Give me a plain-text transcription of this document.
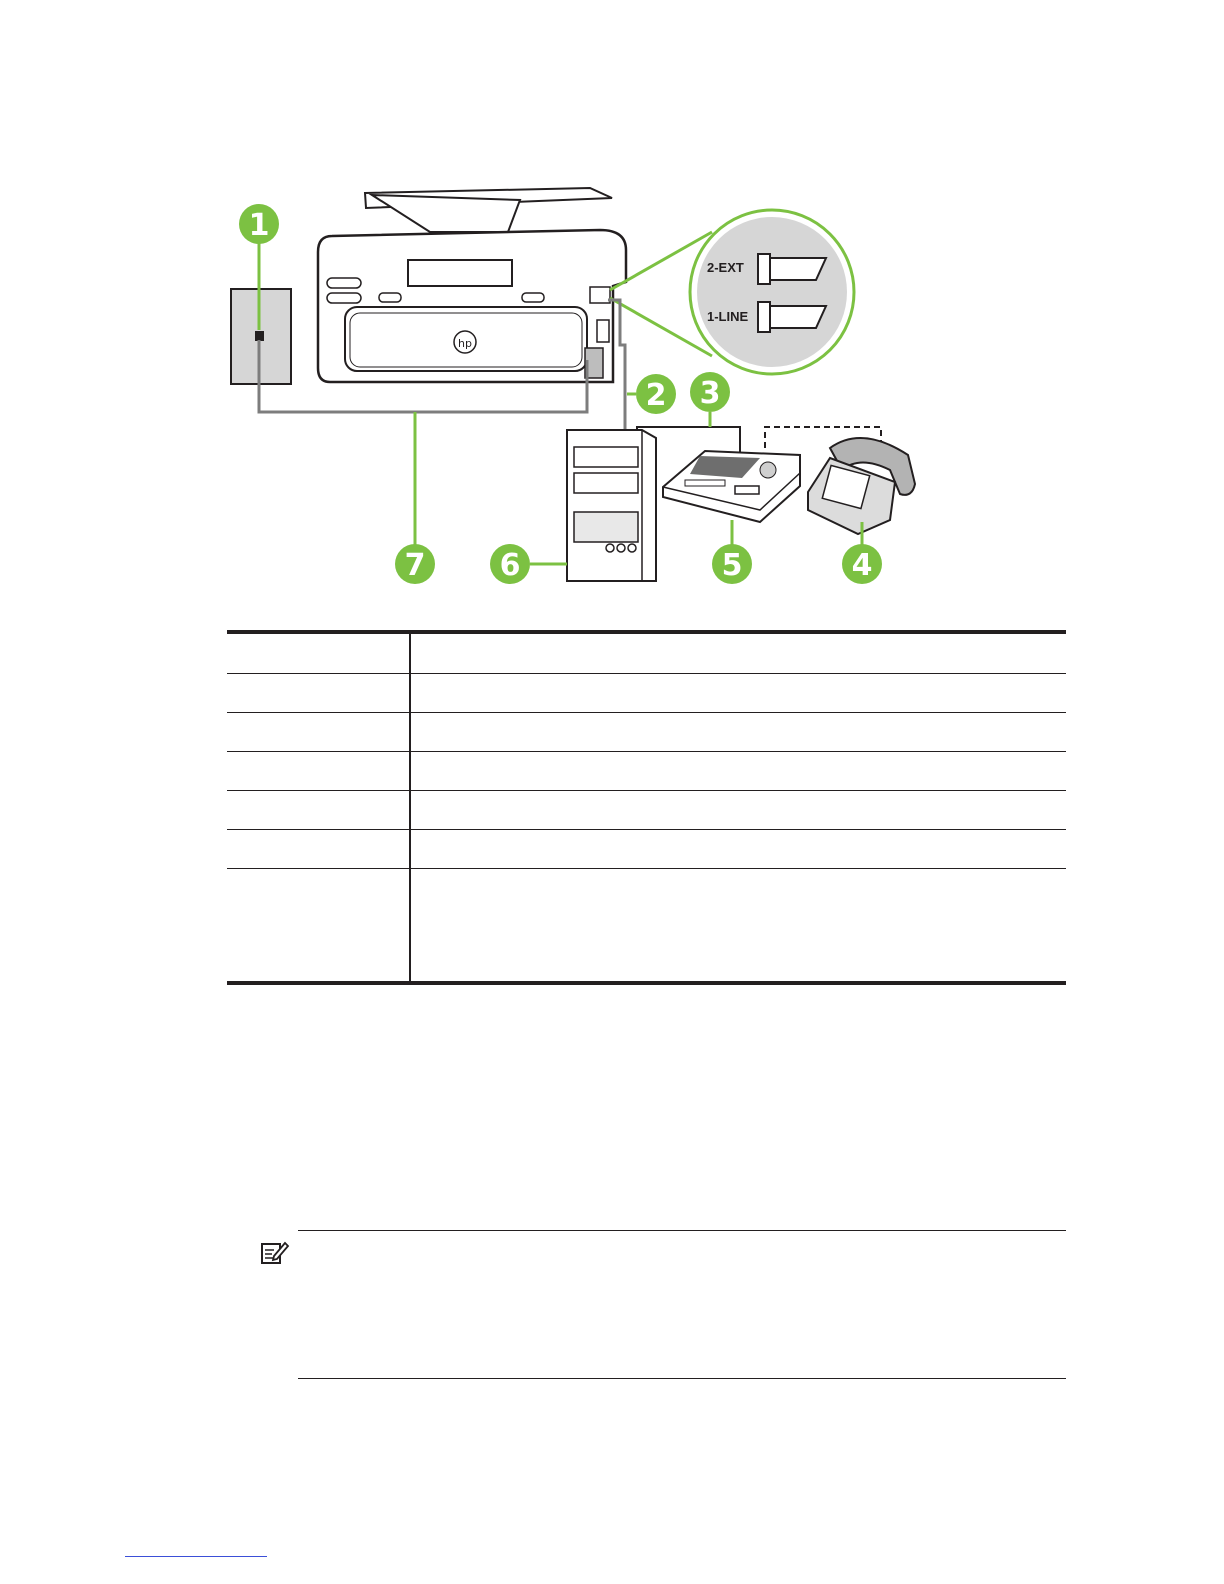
hp
2-EXT
1-LINE
1
2 3
4
5
6
7
